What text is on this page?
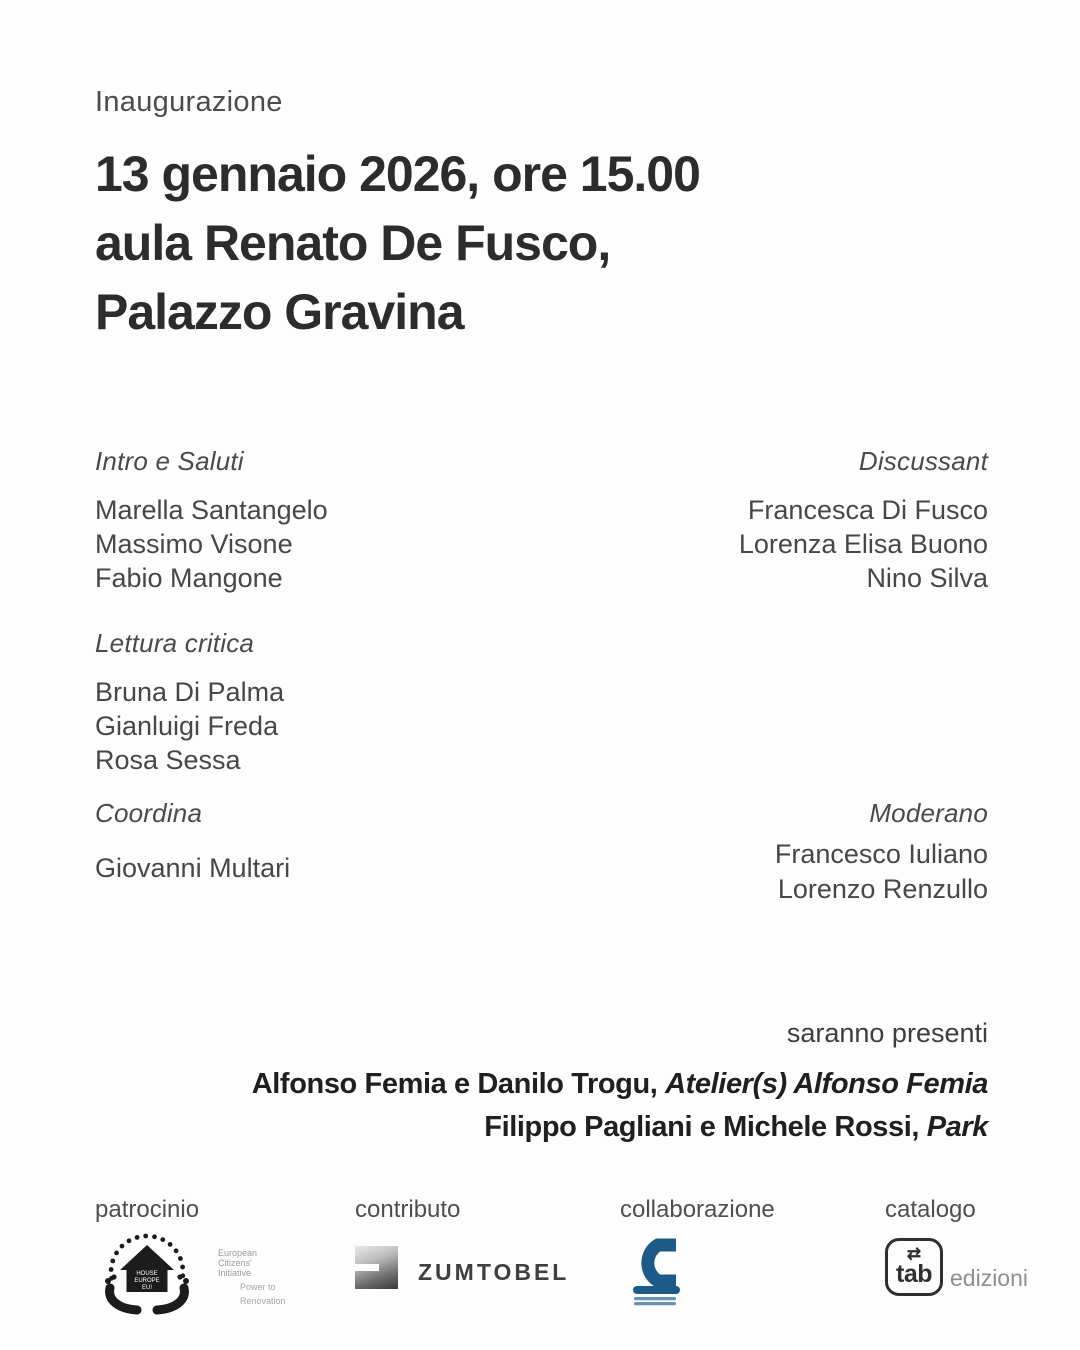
Inaugurazione
13 gennaio 2026, ore 15.00
aula Renato De Fusco,
Palazzo Gravina
Intro e Saluti
Marella Santangelo
Massimo Visone
Fabio Mangone
Discussant
Francesca Di Fusco
Lorenza Elisa Buono
Nino Silva
Lettura critica
Bruna Di Palma
Gianluigi Freda
Rosa Sessa
Coordina
Giovanni Multari
Moderano
Francesco Iuliano
Lorenzo Renzullo
saranno presenti
Alfonso Femia e Danilo Trogu, Atelier(s) Alfonso Femia
Filippo Pagliani e Michele Rossi, Park
patrocinio	contributo	collaborazione	catalogo
HOUSE
EUROPE
EU!
European
Citizens'
Initiative
Power to
Renovation
ZUMTOBEL
⇄
tab edizioni
